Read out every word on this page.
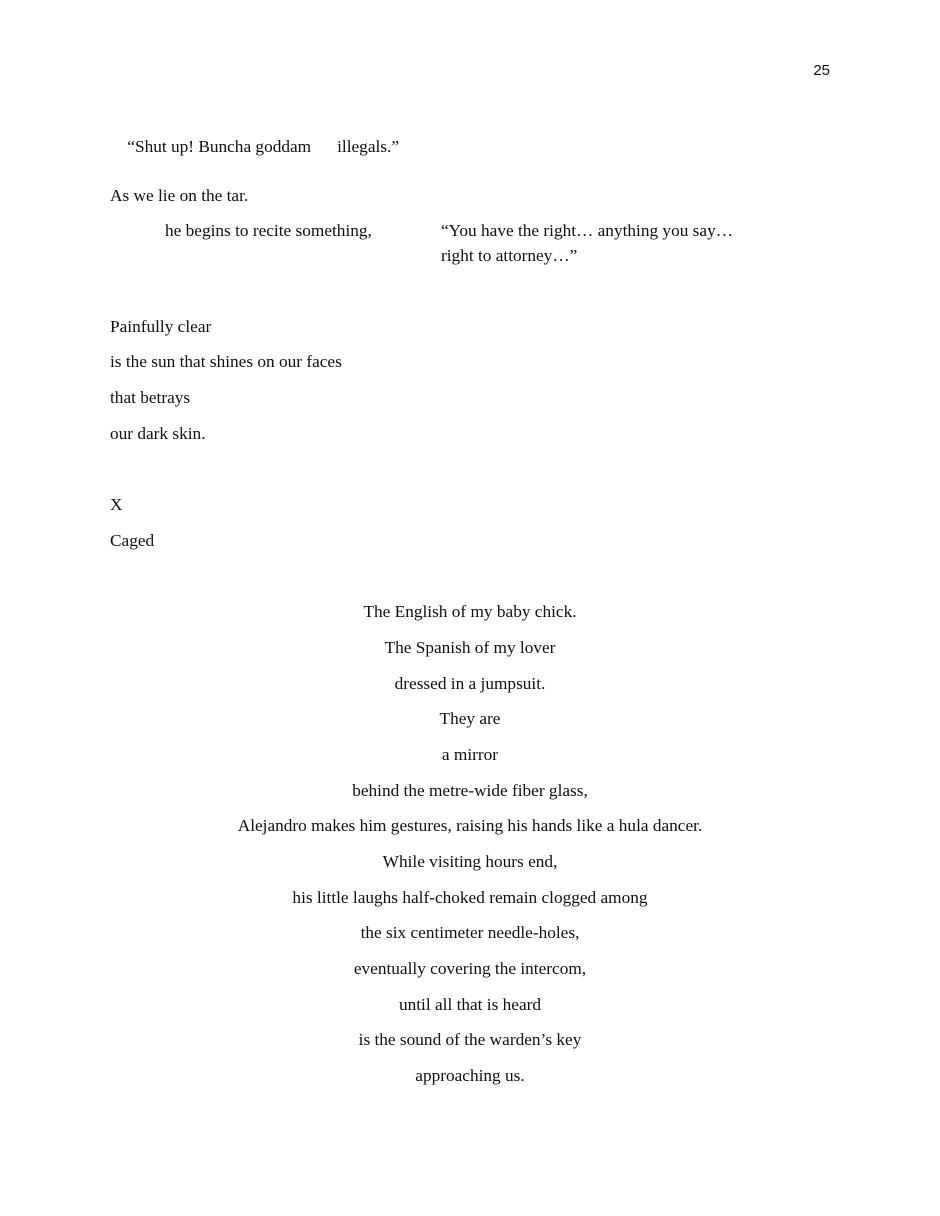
25

“Shut up! Buncha goddam illegals.”

As we lie on the tar.
he begins to recite something,	“You have the right… anything you say…
right to attorney…”
Painfully clear
is the sun that shines on our faces
that betrays
our dark skin.
X
Caged
The English of my baby chick.
The Spanish of my lover
dressed in a jumpsuit.
They are
a mirror
behind the metre-wide fiber glass,
Alejandro makes him gestures, raising his hands like a hula dancer.
While visiting hours end,
his little laughs half-choked remain clogged among
the six centimeter needle-holes,
eventually covering the intercom,
until all that is heard
is the sound of the warden’s key
approaching us.
